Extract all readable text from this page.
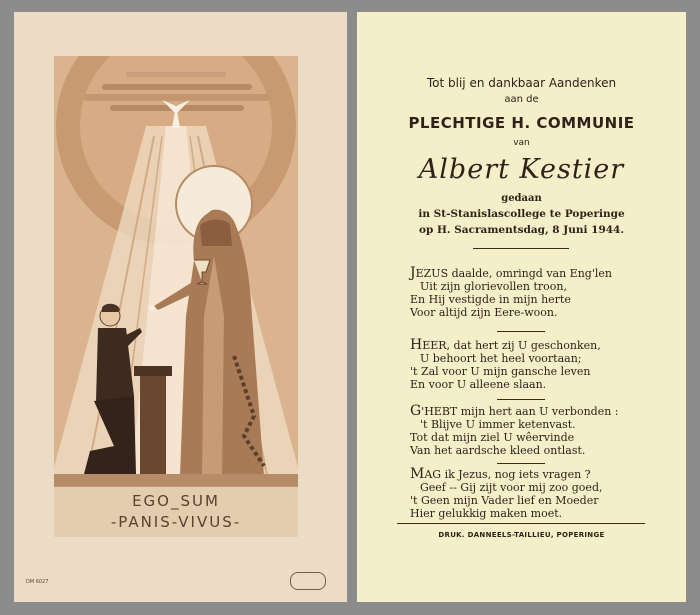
EGO_SUM
-PANIS-VIVUS-
DM 6027
Tot blij en dankbaar Aandenken
aan de
PLECHTIGE H. COMMUNIE
van
Albert Kestier
gedaan
in St-Stanislascollege te Poperinge
op H. Sacramentsdag, 8 Juni 1944.
JEZUS daalde, omringd van Eng'len
Uit zijn glorievollen troon,
En Hij vestigde in mijn herte
Voor altijd zijn Eere-woon.
HEER, dat hert zij U geschonken,
U behoort het heel voortaan;
't Zal voor U mijn gansche leven
En voor U alleene slaan.
G'HEBT mijn hert aan U verbonden :
't Blijve U immer ketenvast.
Tot dat mijn ziel U wêervinde
Van het aardsche kleed ontlast.
MAG ik Jezus, nog iets vragen ?
Geef -- Gij zijt voor mij zoo goed,
't Geen mijn Vader lief en Moeder
Hier gelukkig maken moet.
DRUK. DANNEELS-TAILLIEU, POPERINGE
